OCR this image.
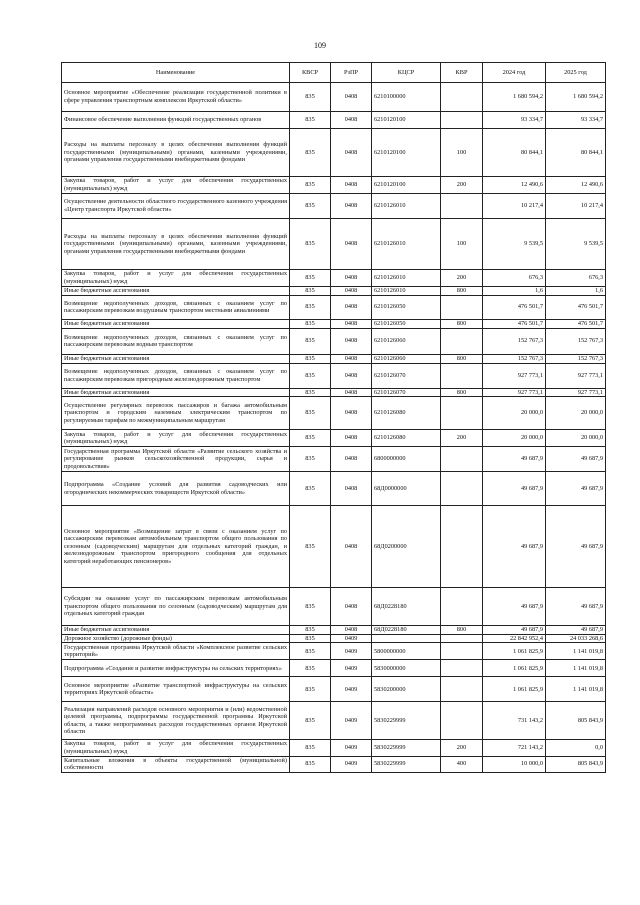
109
Наименование	КВСР	РзПР	КЦСР	КВР	2024 год	2025 год
Основное мероприятие «Обеспечение реализации государственной политики в сфере управления транспортным комплексом Иркутской области»	835	0408	6210100000		1 680 594,2	1 680 594,2
Финансовое обеспечение выполнения функций государственных органов	835	0408	6210120100		93 334,7	93 334,7
Расходы на выплаты персоналу в целях обеспечения выполнения функций государственными (муниципальными) органами, казенными учреждениями, органами управления государственными внебюджетными фондами	835	0408	6210120100	100	80 844,1	80 844,1
Закупка товаров, работ и услуг для обеспечения государственных (муниципальных) нужд	835	0408	6210120100	200	12 490,6	12 490,6
Осуществление деятельности областного государственного казенного учреждения «Центр транспорта Иркутской области»	835	0408	6210126010		10 217,4	10 217,4
Расходы на выплаты персоналу в целях обеспечения выполнения функций государственными (муниципальными) органами, казенными учреждениями, органами управления государственными внебюджетными фондами	835	0408	6210126010	100	9 539,5	9 539,5
Закупка товаров, работ и услуг для обеспечения государственных (муниципальных) нужд	835	0408	6210126010	200	676,3	676,3
Иные бюджетные ассигнования	835	0408	6210126010	800	1,6	1,6
Возмещение недополученных доходов, связанных с оказанием услуг по пассажирским перевозкам воздушным транспортом местными авиалиниями	835	0408	6210126050		476 501,7	476 501,7
Иные бюджетные ассигнования	835	0408	6210126050	800	476 501,7	476 501,7
Возмещение недополученных доходов, связанных с оказанием услуг по пассажирским перевозкам водным транспортом	835	0408	6210126060		152 767,3	152 767,3
Иные бюджетные ассигнования	835	0408	6210126060	800	152 767,3	152 767,3
Возмещение недополученных доходов, связанных с оказанием услуг по пассажирским перевозкам пригородным железнодорожным транспортом	835	0408	6210126070		927 773,1	927 773,1
Иные бюджетные ассигнования	835	0408	6210126070	800	927 773,1	927 773,1
Осуществление регулярных перевозок пассажиров и багажа автомобильным транспортом и городским наземным электрическим транспортом по регулируемым тарифам по межмуниципальным маршрутам	835	0408	6210126080		20 000,0	20 000,0
Закупка товаров, работ и услуг для обеспечения государственных (муниципальных) нужд	835	0408	6210126080	200	20 000,0	20 000,0
Государственная программа Иркутской области «Развитие сельского хозяйства и регулирование рынков сельскохозяйственной продукции, сырья и продовольствия»	835	0408	6800000000		49 687,9	49 687,9
Подпрограмма «Создание условий для развития садоводческих или огороднических некоммерческих товариществ Иркутской области»	835	0408	68Д0000000		49 687,9	49 687,9
Основное мероприятие «Возмещение затрат в связи с оказанием услуг по пассажирским перевозкам автомобильным транспортом общего пользования по сезонным (садоводческим) маршрутам для отдельных категорий граждан, и железнодорожным транспортом пригородного сообщения для отдельных категорий неработающих пенсионеров»	835	0408	68Д0200000		49 687,9	49 687,9
Субсидии на оказание услуг по пассажирским перевозкам автомобильным транспортом общего пользования по сезонным (садоводческим) маршрутам для отдельных категорий граждан	835	0408	68Д0228180		49 687,9	49 687,9
Иные бюджетные ассигнования	835	0408	68Д0228180	800	49 687,9	49 687,9
Дорожное хозяйство (дорожные фонды)	835	0409			22 842 952,4	24 033 268,6
Государственная программа Иркутской области «Комплексное развитие сельских территорий»	835	0409	5800000000		1 061 825,9	1 141 019,8
Подпрограмма «Создание и развитие инфраструктуры на сельских территориях»	835	0409	5830000000		1 061 825,9	1 141 019,8
Основное мероприятие «Развитие транспортной инфраструктуры на сельских территориях Иркутской области»	835	0409	5830200000		1 061 825,9	1 141 019,8
Реализация направлений расходов основного мероприятия и (или) ведомственной целевой программы, подпрограммы государственной программы Иркутской области, а также непрограммных расходов государственных органов Иркутской области	835	0409	5830229999		731 143,2	805 843,9
Закупка товаров, работ и услуг для обеспечения государственных (муниципальных) нужд	835	0409	5830229999	200	721 143,2	0,0
Капитальные вложения в объекты государственной (муниципальной) собственности	835	0409	5830229999	400	10 000,0	805 843,9
